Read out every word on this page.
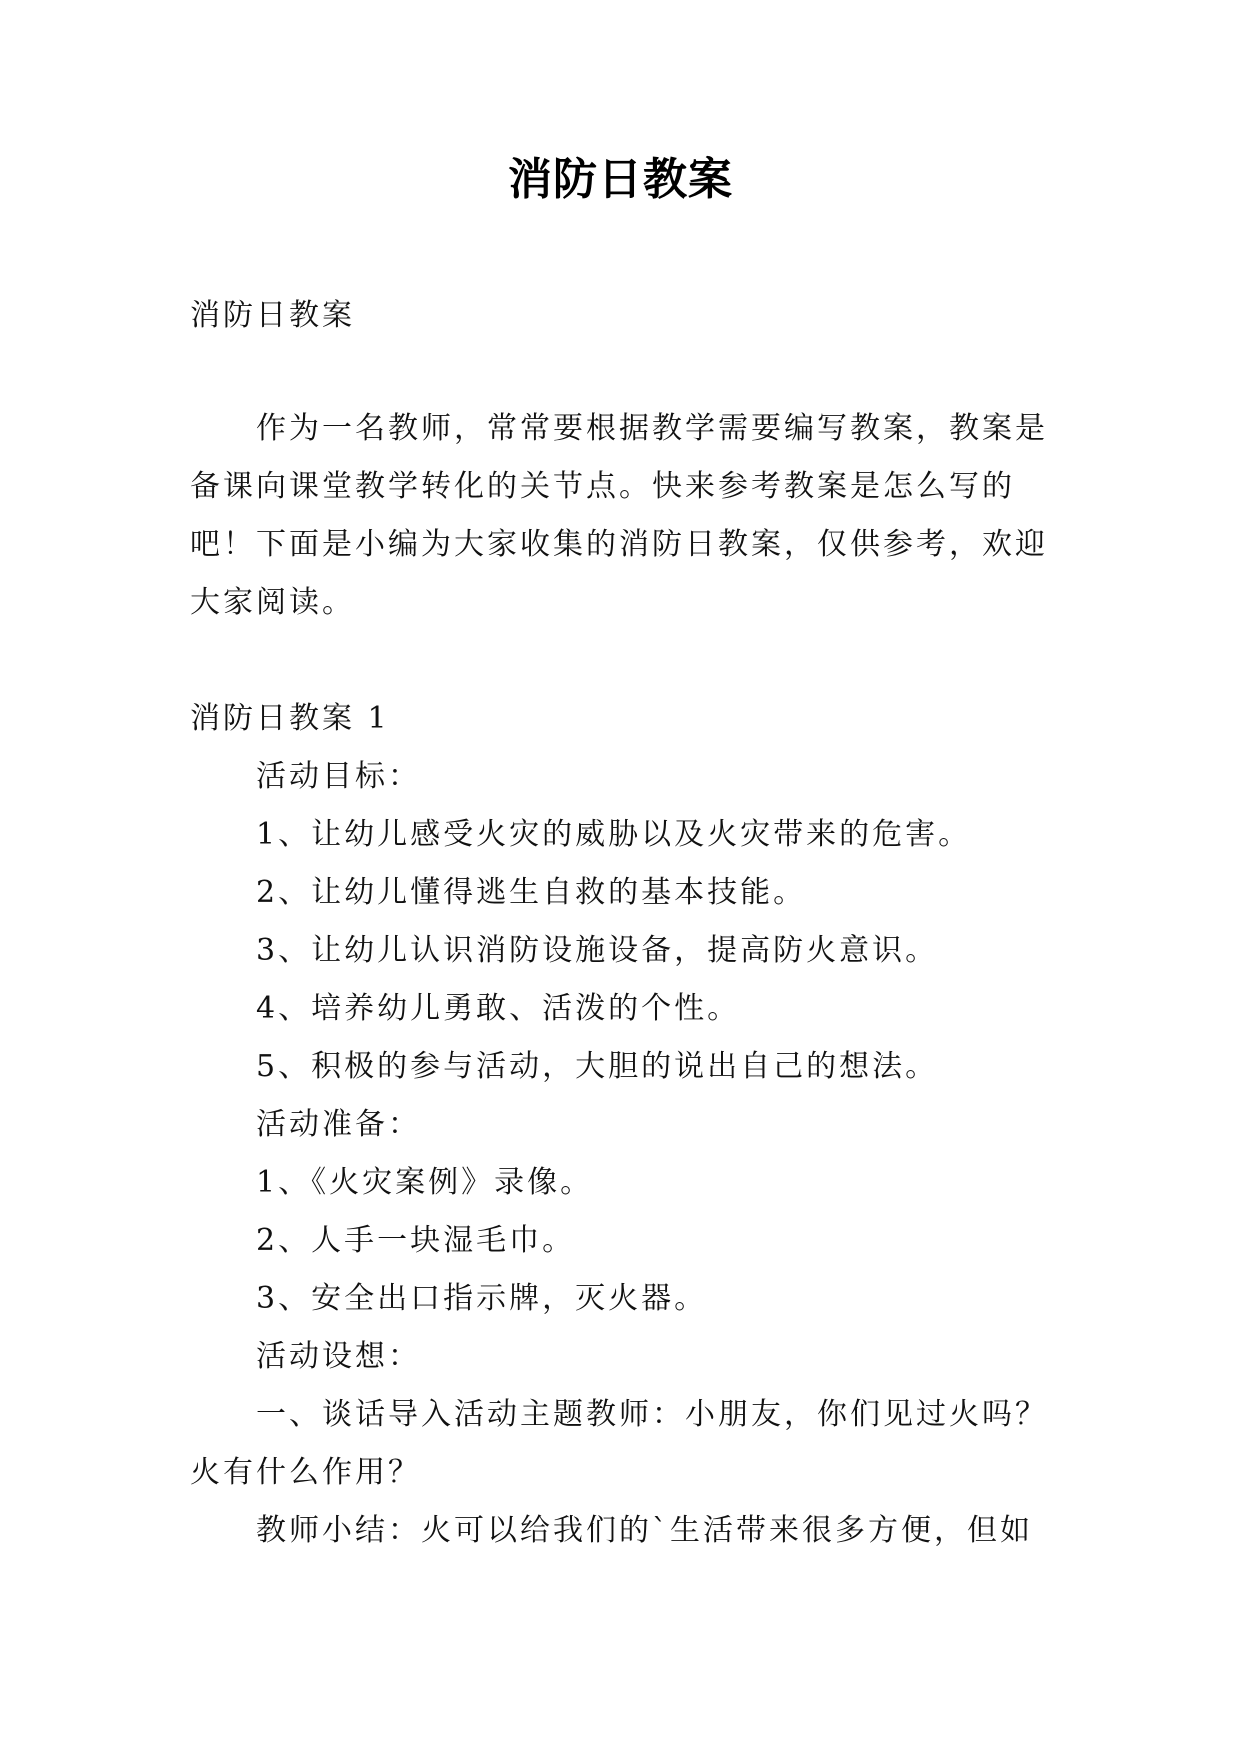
消防日教案
消防日教案
作为一名教师，常常要根据教学需要编写教案，教案是
备课向课堂教学转化的关节点。快来参考教案是怎么写的
吧！下面是小编为大家收集的消防日教案，仅供参考，欢迎
大家阅读。
消防日教案 1
活动目标：
1、让幼儿感受火灾的威胁以及火灾带来的危害。
2、让幼儿懂得逃生自救的基本技能。
3、让幼儿认识消防设施设备，提高防火意识。
4、培养幼儿勇敢、活泼的个性。
5、积极的参与活动，大胆的说出自己的想法。
活动准备：
1、《火灾案例》录像。
2、人手一块湿毛巾。
3、安全出口指示牌，灭火器。
活动设想：
一、谈话导入活动主题教师：小朋友，你们见过火吗？
火有什么作用？
教师小结：火可以给我们的`生活带来很多方便，但如
